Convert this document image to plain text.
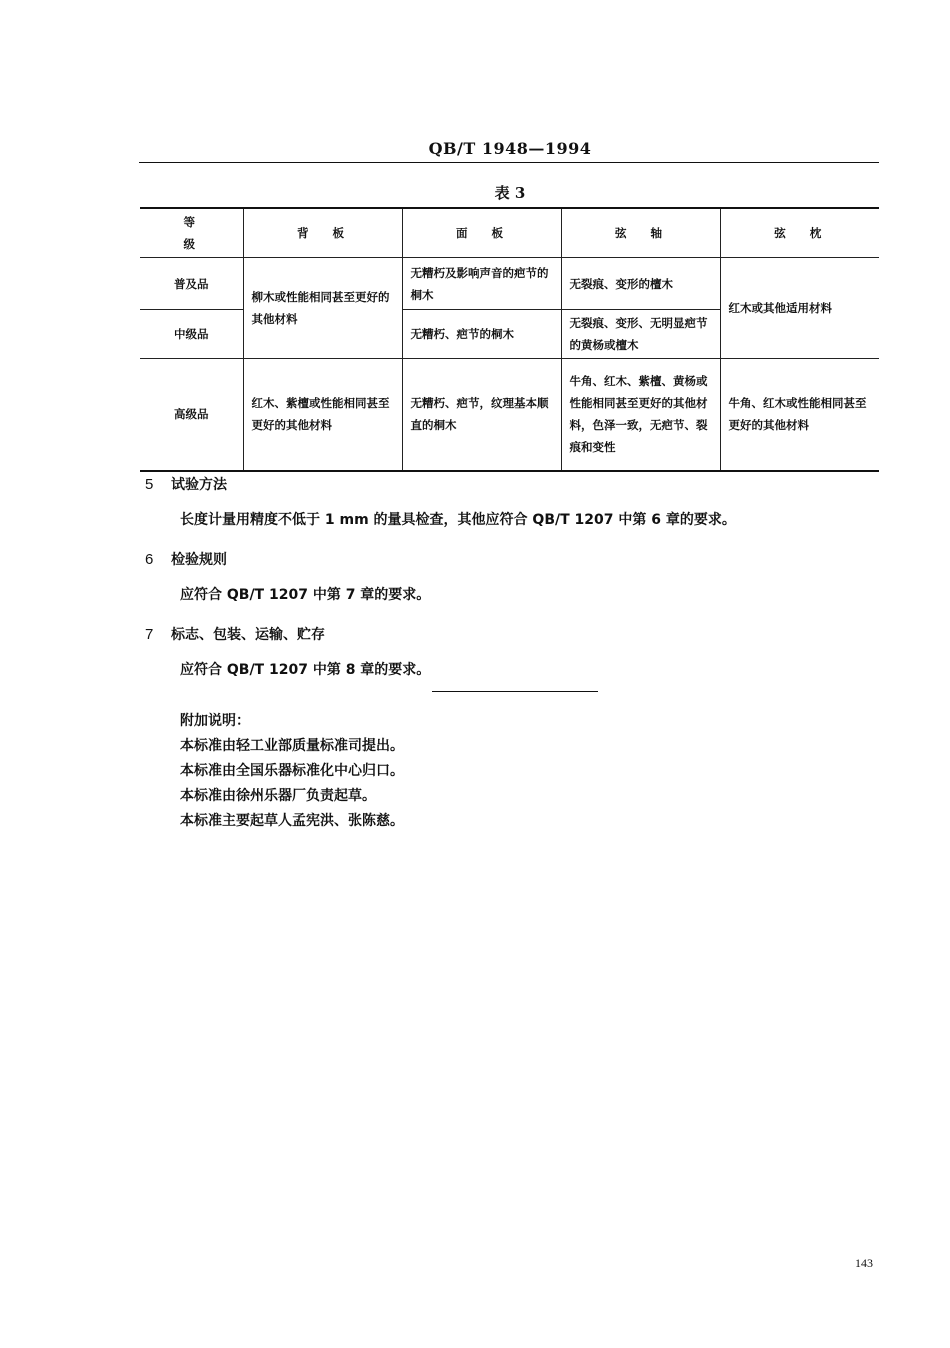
QB/T 1948—1994
表 3
等级	背板	面板	弦轴	弦枕
普及品	柳木或性能相同甚至更好的其他材料	无糟朽及影响声音的疤节的桐木	无裂痕、变形的檀木	红木或其他适用材料
中级品		无糟朽、疤节的桐木	无裂痕、变形、无明显疤节的黄杨或檀木	
高级品	红木、紫檀或性能相同甚至更好的其他材料	无糟朽、疤节，纹理基本顺直的桐木	牛角、红木、紫檀、黄杨或性能相同甚至更好的其他材料，色泽一致，无疤节、裂痕和变性	牛角、红木或性能相同甚至更好的其他材料
5 试验方法
长度计量用精度不低于 1 mm 的量具检查，其他应符合 QB/T 1207 中第 6 章的要求。
6 检验规则
应符合 QB/T 1207 中第 7 章的要求。
7 标志、包装、运输、贮存
应符合 QB/T 1207 中第 8 章的要求。
附加说明：
本标准由轻工业部质量标准司提出。
本标准由全国乐器标准化中心归口。
本标准由徐州乐器厂负责起草。
本标准主要起草人孟宪洪、张陈慈。
143
